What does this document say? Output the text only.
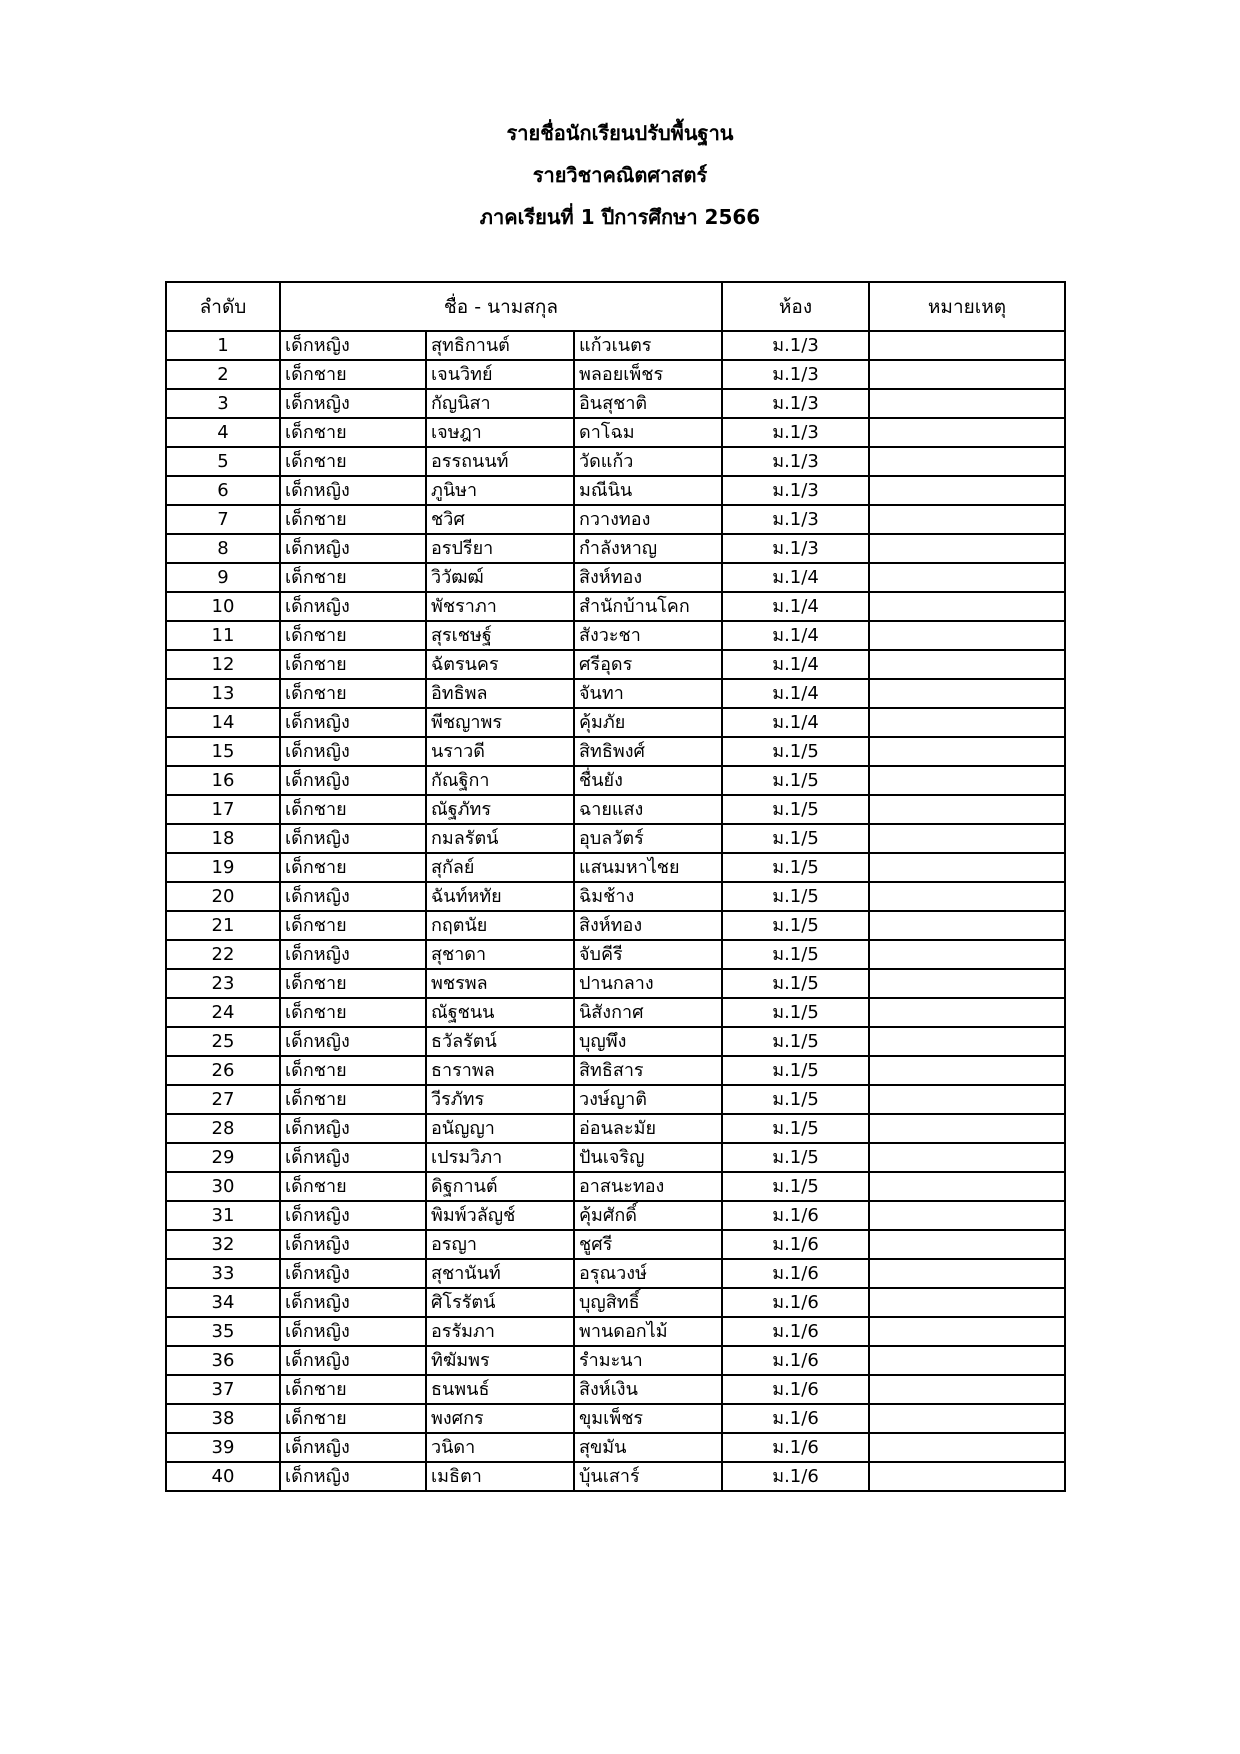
รายชื่อนักเรียนปรับพื้นฐาน
รายวิชาคณิตศาสตร์
ภาคเรียนที่ 1 ปีการศึกษา 2566
ลำดับ	ชื่อ - นามสกุล			ห้อง	หมายเหตุ
1	เด็กหญิง	สุทธิกานต์	แก้วเนตร	ม.1/3	
2	เด็กชาย	เจนวิทย์	พลอยเพ็ชร	ม.1/3	
3	เด็กหญิง	กัญนิสา	อินสุชาติ	ม.1/3	
4	เด็กชาย	เจษฎา	ดาโฉม	ม.1/3	
5	เด็กชาย	อรรถนนท์	วัดแก้ว	ม.1/3	
6	เด็กหญิง	ภูนิษา	มณีนิน	ม.1/3	
7	เด็กชาย	ชวิศ	กวางทอง	ม.1/3	
8	เด็กหญิง	อรปรียา	กำลังหาญ	ม.1/3	
9	เด็กชาย	วิวัฒฒ์	สิงห์ทอง	ม.1/4	
10	เด็กหญิง	พัชราภา	สำนักบ้านโคก	ม.1/4	
11	เด็กชาย	สุรเชษฐ์	สังวะชา	ม.1/4	
12	เด็กชาย	ฉัตรนคร	ศรีอุดร	ม.1/4	
13	เด็กชาย	อิทธิพล	จันทา	ม.1/4	
14	เด็กหญิง	พีชญาพร	คุ้มภัย	ม.1/4	
15	เด็กหญิง	นราวดี	สิทธิพงศ์	ม.1/5	
16	เด็กหญิง	กัณฐิกา	ชื่นยัง	ม.1/5	
17	เด็กชาย	ณัฐภัทร	ฉายแสง	ม.1/5	
18	เด็กหญิง	กมลรัตน์	อุบลวัตร์	ม.1/5	
19	เด็กชาย	สุกัลย์	แสนมหาไชย	ม.1/5	
20	เด็กหญิง	ฉันท์หทัย	ฉิมช้าง	ม.1/5	
21	เด็กชาย	กฤตนัย	สิงห์ทอง	ม.1/5	
22	เด็กหญิง	สุชาดา	จับคีรี	ม.1/5	
23	เด็กชาย	พชรพล	ปานกลาง	ม.1/5	
24	เด็กชาย	ณัฐชนน	นิสังกาศ	ม.1/5	
25	เด็กหญิง	ธวัลรัตน์	บุญพึง	ม.1/5	
26	เด็กชาย	ธาราพล	สิทธิสาร	ม.1/5	
27	เด็กชาย	วีรภัทร	วงษ์ญาติ	ม.1/5	
28	เด็กหญิง	อนัญญา	อ่อนละมัย	ม.1/5	
29	เด็กหญิง	เปรมวิภา	ปันเจริญ	ม.1/5	
30	เด็กชาย	ดิฐกานต์	อาสนะทอง	ม.1/5	
31	เด็กหญิง	พิมพ์วลัญช์	คุ้มศักดิ์	ม.1/6	
32	เด็กหญิง	อรญา	ชูศรี	ม.1/6	
33	เด็กหญิง	สุชานันท์	อรุณวงษ์	ม.1/6	
34	เด็กหญิง	ศิโรรัตน์	บุญสิทธิ์	ม.1/6	
35	เด็กหญิง	อรรัมภา	พานดอกไม้	ม.1/6	
36	เด็กหญิง	ทิฆัมพร	รำมะนา	ม.1/6	
37	เด็กชาย	ธนพนธ์	สิงห์เงิน	ม.1/6	
38	เด็กชาย	พงศกร	ขุมเพ็ชร	ม.1/6	
39	เด็กหญิง	วนิดา	สุขมัน	ม.1/6	
40	เด็กหญิง	เมธิตา	บุ้นเสาร์	ม.1/6	
